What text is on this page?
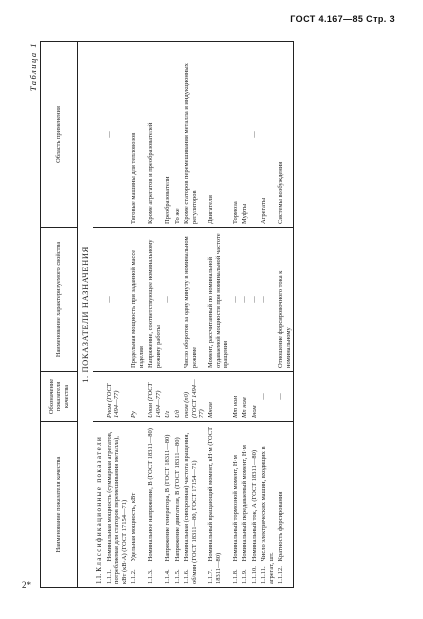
ГОСТ 4.167—85 Стр. 3
Таблица 1
Наименование показателя качества	Обозначение показателя качества	Наименование характеризуемого свойства	Область применения
1. ПОКАЗАТЕЛИ НАЗНАЧЕНИЯ			
1.1. Классификационные показатели			
1.1.1. Номинальная мощность (суммарная агрегатов, потребляемая для статоров перемешивания металла), кВт (кВ·А) (ГОСТ 17154—71)	Pном (ГОСТ 1494—77)	—	—
1.1.2. Удельная мощность, кВт	Pу	Предельная мощность при заданной массе изделия	Тяговые машины для тепловозов
1.1.3. Номинальное напряжение, В (ГОСТ 18311—80)	Uном (ГОСТ 1494—77)	Напряжение, соответствующее номинальному режиму работы	Кроме агрегатов и преобразователей
1.1.4. Напряжение генератора, В (ГОСТ 18311—80)	Uг	—	Преобразователи
1.1.5. Напряжение двигателя, В (ГОСТ 18311—80)	Uд		То же
1.1.6. Номинальная (синхронная) частота вращения, об/мин (ГОСТ 18311—80, ГОСТ 17154—71)	nном (n0) (ГОСТ 1494—77)	Число оборотов за одну минуту в номинальном режиме	Кроме статоров перемешивания металла и индукционных регуляторов
1.1.7. Номинальный вращающий момент, кН·м (ГОСТ 18311—80)	Mном	Момент, рассчитанный по номинальной отдаваемой мощности при номинальной частоте вращения	Двигатели
1.1.8. Номинальный тормозной момент, Н·м	Mт ном	—	Тормоза
1.1.9. Номинальный передаваемый момент, Н·м	Mп ном	—	Муфты
1.1.10. Номинальный ток, А (ГОСТ 18311—80)	Iном	—	—
1.1.11. Число электрических машин, входящих в агрегат, шт.	—	—	Агрегаты
1.1.12. Кратность форсирования	—	Отношение форсировочного тока к номинальному	Системы возбуждения
2*
